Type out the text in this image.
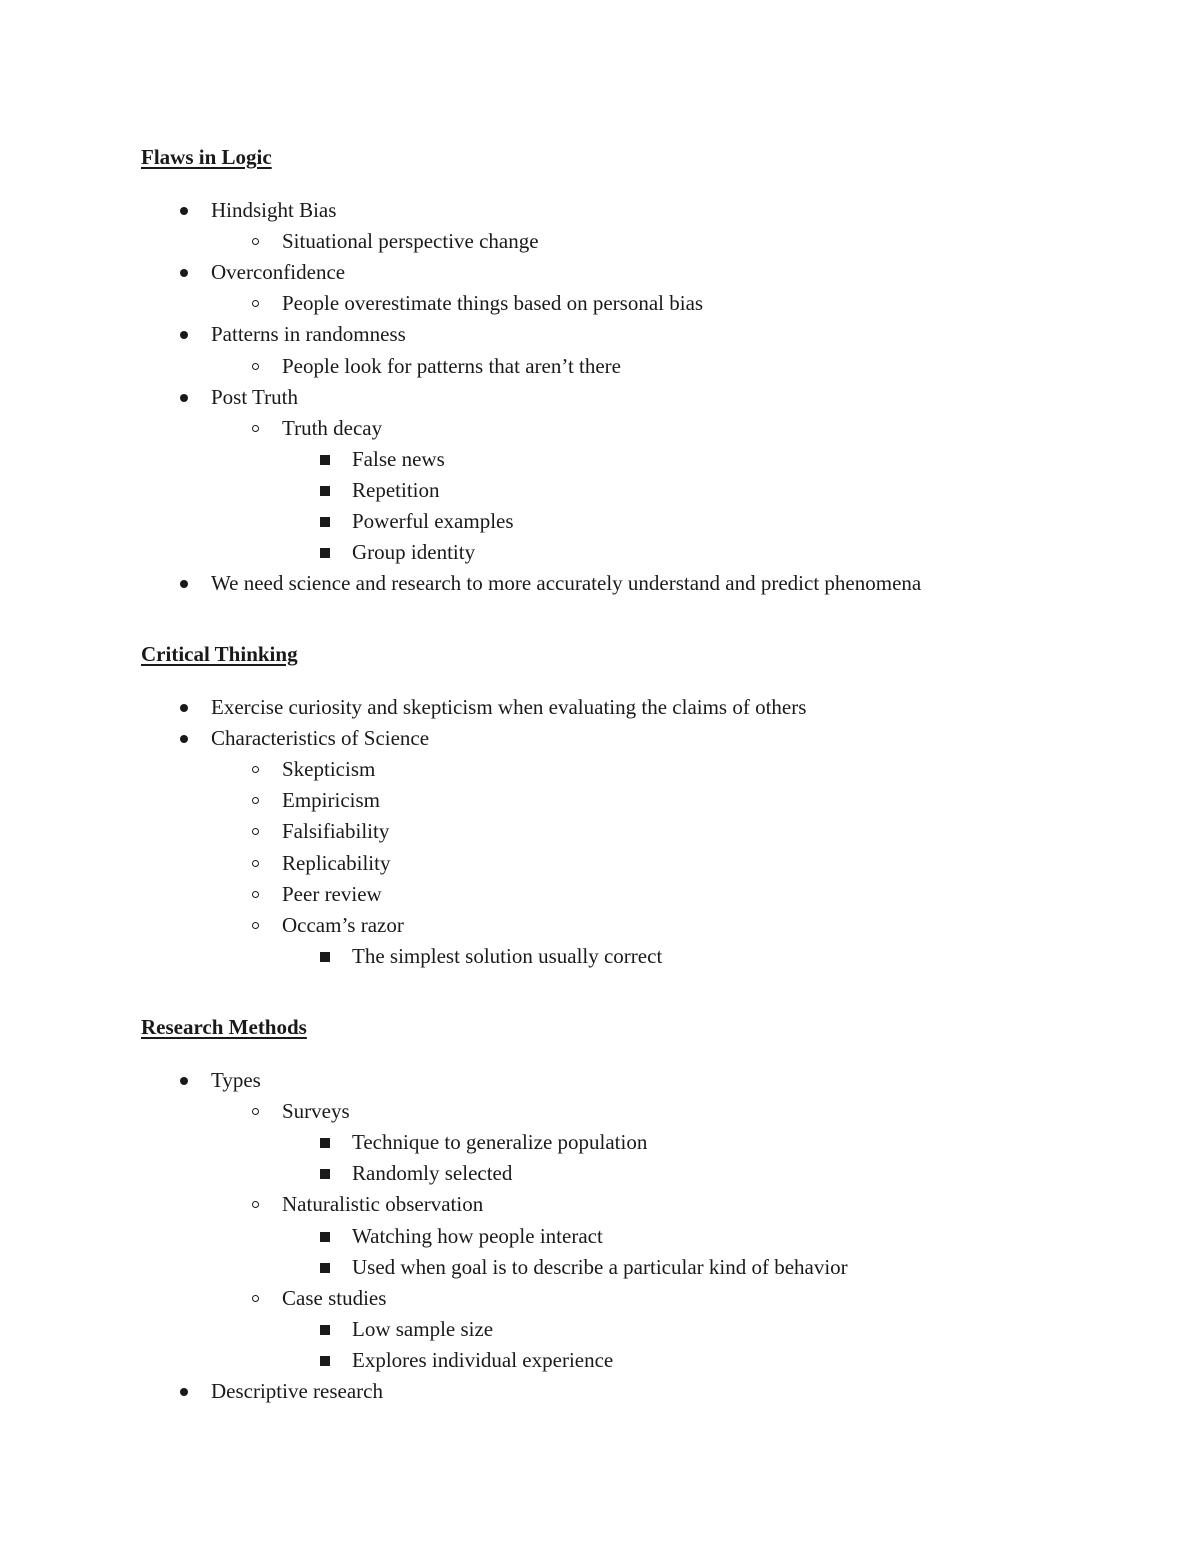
Flaws in Logic
Hindsight Bias
Situational perspective change
Overconfidence
People overestimate things based on personal bias
Patterns in randomness
People look for patterns that aren’t there
Post Truth
Truth decay
False news
Repetition
Powerful examples
Group identity
We need science and research to more accurately understand and predict phenomena
Critical Thinking
Exercise curiosity and skepticism when evaluating the claims of others
Characteristics of Science
Skepticism
Empiricism
Falsifiability
Replicability
Peer review
Occam’s razor
The simplest solution usually correct
Research Methods
Types
Surveys
Technique to generalize population
Randomly selected
Naturalistic observation
Watching how people interact
Used when goal is to describe a particular kind of behavior
Case studies
Low sample size
Explores individual experience
Descriptive research
